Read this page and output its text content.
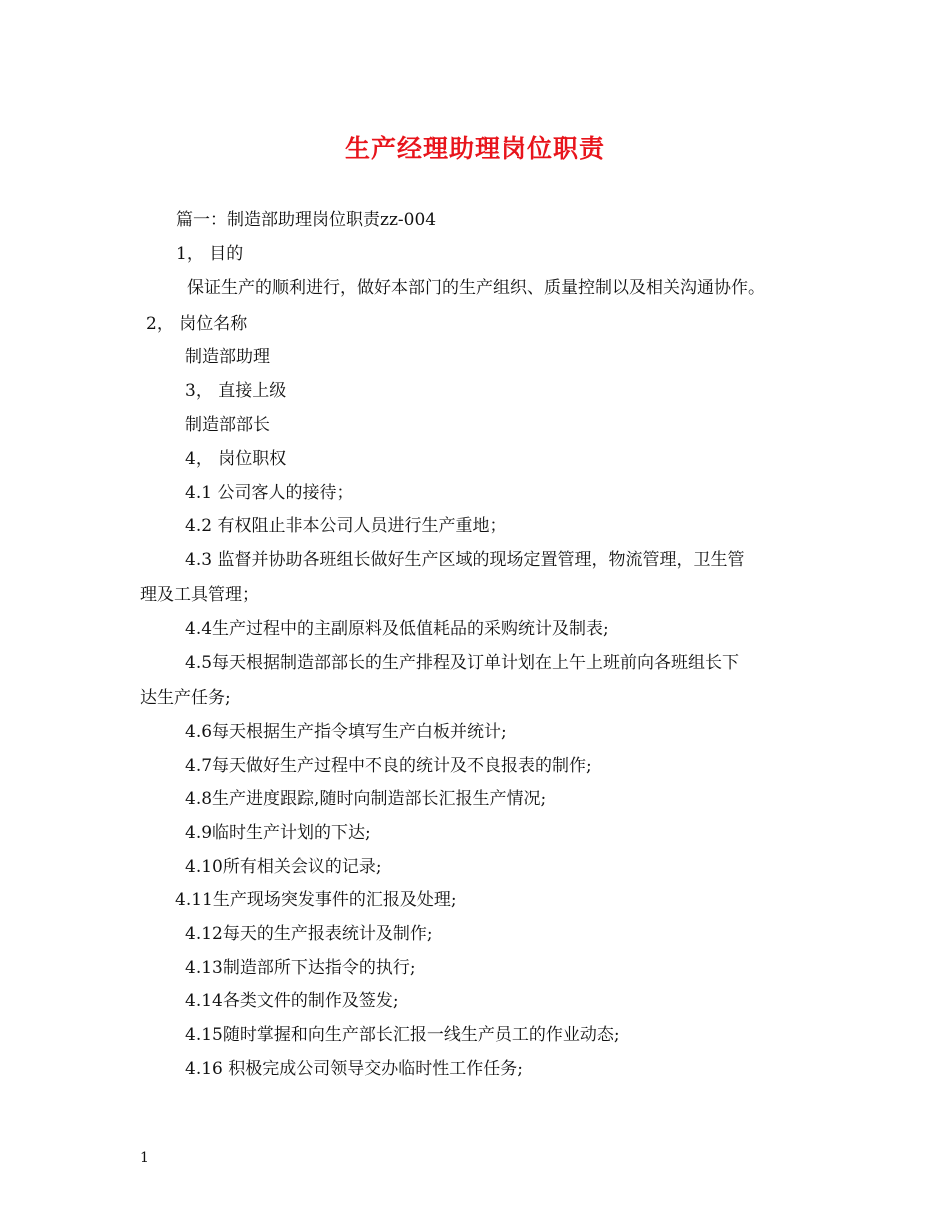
生产经理助理岗位职责
篇一：制造部助理岗位职责zz-004
1， 目的
保证生产的顺利进行，做好本部门的生产组织、质量控制以及相关沟通协作。
2， 岗位名称
制造部助理
3， 直接上级
制造部部长
4， 岗位职权
4.1 公司客人的接待；
4.2 有权阻止非本公司人员进行生产重地；
4.3 监督并协助各班组长做好生产区域的现场定置管理，物流管理，卫生管
理及工具管理；
4.4生产过程中的主副原料及低值耗品的采购统计及制表;
4.5每天根据制造部部长的生产排程及订单计划在上午上班前向各班组长下
达生产任务;
4.6每天根据生产指令填写生产白板并统计;
4.7每天做好生产过程中不良的统计及不良报表的制作;
4.8生产进度跟踪,随时向制造部长汇报生产情况;
4.9临时生产计划的下达;
4.10所有相关会议的记录;
4.11生产现场突发事件的汇报及处理;
4.12每天的生产报表统计及制作;
4.13制造部所下达指令的执行;
4.14各类文件的制作及签发;
4.15随时掌握和向生产部长汇报一线生产员工的作业动态;
4.16 积极完成公司领导交办临时性工作任务;
1
